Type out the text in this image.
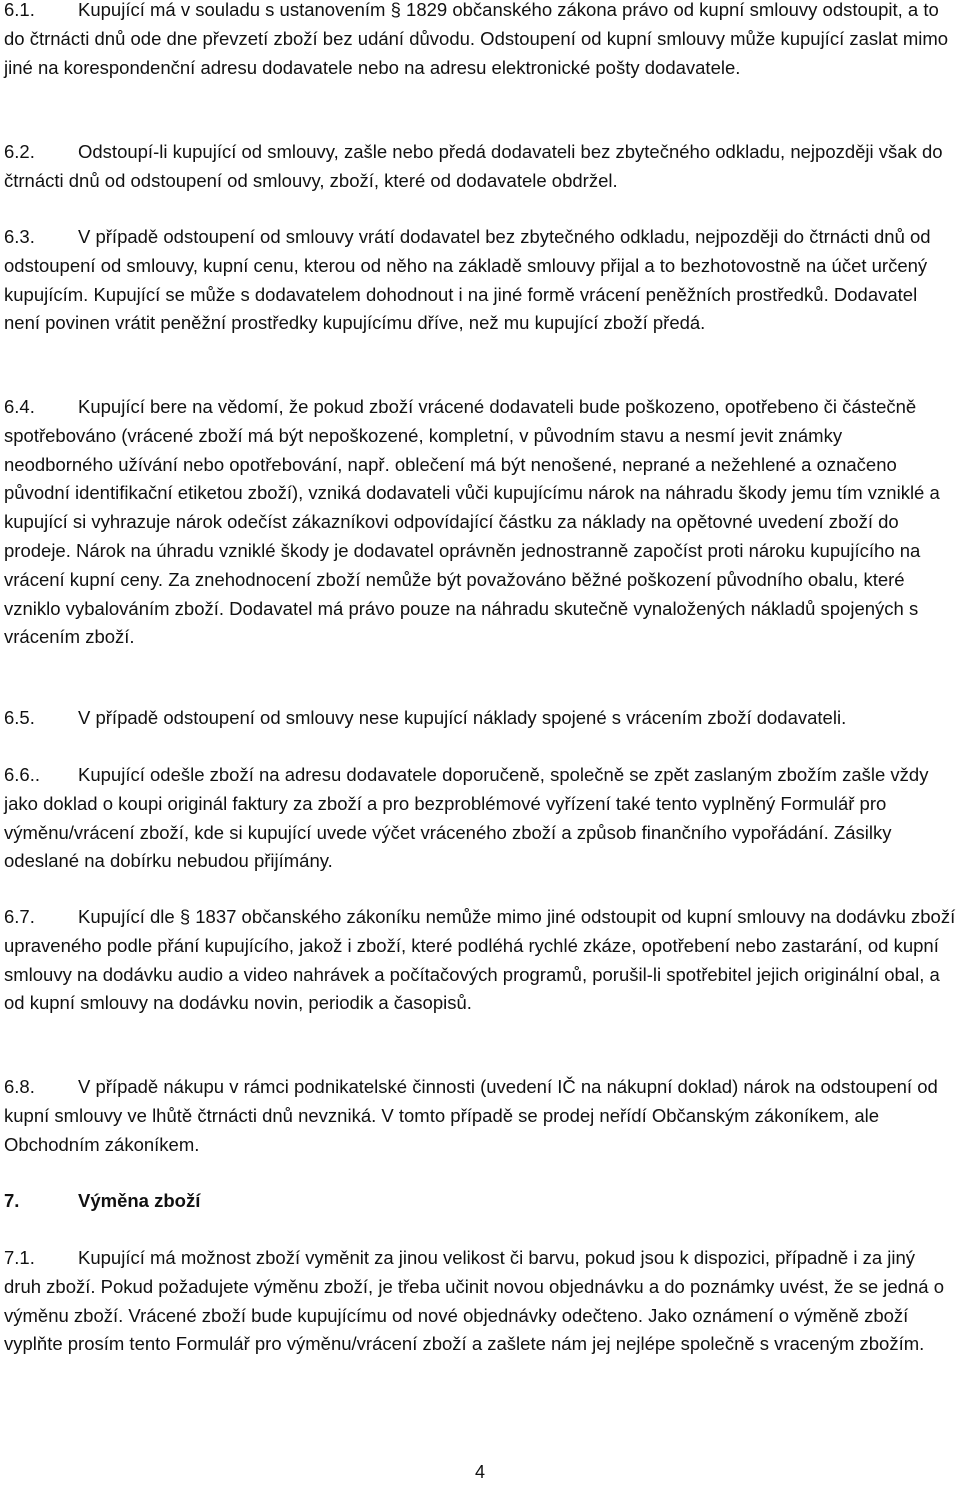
6.1. Kupující má v souladu s ustanovením § 1829 občanského zákona právo od kupní smlouvy odstoupit, a to do čtrnácti dnů ode dne převzetí zboží bez udání důvodu. Odstoupení od kupní smlouvy může kupující zaslat mimo jiné na korespondenční adresu dodavatele nebo na adresu elektronické pošty dodavatele.

6.2. Odstoupí-li kupující od smlouvy, zašle nebo předá dodavateli bez zbytečného odkladu, nejpozději však do čtrnácti dnů od odstoupení od smlouvy, zboží, které od dodavatele obdržel.

6.3. V případě odstoupení od smlouvy vrátí dodavatel bez zbytečného odkladu, nejpozději do čtrnácti dnů od odstoupení od smlouvy, kupní cenu, kterou od něho na základě smlouvy přijal a to bezhotovostně na účet určený kupujícím. Kupující se může s dodavatelem dohodnout i na jiné formě vrácení peněžních prostředků. Dodavatel není povinen vrátit peněžní prostředky kupujícímu dříve, než mu kupující zboží předá.

6.4. Kupující bere na vědomí, že pokud zboží vrácené dodavateli bude poškozeno, opotřebeno či částečně spotřebováno (vrácené zboží má být nepoškozené, kompletní, v původním stavu a nesmí jevit známky neodborného užívání nebo opotřebování, např. oblečení má být nenošené, neprané a nežehlené a označeno původní identifikační etiketou zboží), vzniká dodavateli vůči kupujícímu nárok na náhradu škody jemu tím vzniklé a kupující si vyhrazuje nárok odečíst zákazníkovi odpovídající částku za náklady na opětovné uvedení zboží do prodeje. Nárok na úhradu vzniklé škody je dodavatel oprávněn jednostranně započíst proti nároku kupujícího na vrácení kupní ceny. Za znehodnocení zboží nemůže být považováno běžné poškození původního obalu, které vzniklo vybalováním zboží. Dodavatel má právo pouze na náhradu skutečně vynaložených nákladů spojených s vrácením zboží.

6.5. V případě odstoupení od smlouvy nese kupující náklady spojené s vrácením zboží dodavateli.

6.6.. Kupující odešle zboží na adresu dodavatele doporučeně, společně se zpět zaslaným zbožím zašle vždy jako doklad o koupi originál faktury za zboží a pro bezproblémové vyřízení také tento vyplněný Formulář pro výměnu/vrácení zboží, kde si kupující uvede výčet vráceného zboží a způsob finančního vypořádání. Zásilky odeslané na dobírku nebudou přijímány.

6.7. Kupující dle § 1837 občanského zákoníku nemůže mimo jiné odstoupit od kupní smlouvy na dodávku zboží upraveného podle přání kupujícího, jakož i zboží, které podléhá rychlé zkáze, opotřebení nebo zastarání, od kupní smlouvy na dodávku audio a video nahrávek a počítačových programů, porušil-li spotřebitel jejich originální obal, a od kupní smlouvy na dodávku novin, periodik a časopisů.

6.8. V případě nákupu v rámci podnikatelské činnosti (uvedení IČ na nákupní doklad) nárok na odstoupení od kupní smlouvy ve lhůtě čtrnácti dnů nevzniká. V tomto případě se prodej neřídí Občanským zákoníkem, ale Obchodním zákoníkem.

7.	Výměna zboží

7.1. Kupující má možnost zboží vyměnit za jinou velikost či barvu, pokud jsou k dispozici, případně i za jiný druh zboží. Pokud požadujete výměnu zboží, je třeba učinit novou objednávku a do poznámky uvést, že se jedná o výměnu zboží. Vrácené zboží bude kupujícímu od nové objednávky odečteno. Jako oznámení o výměně zboží vyplňte prosím tento Formulář pro výměnu/vrácení zboží a zašlete nám jej nejlépe společně s vraceným zbožím.

4
